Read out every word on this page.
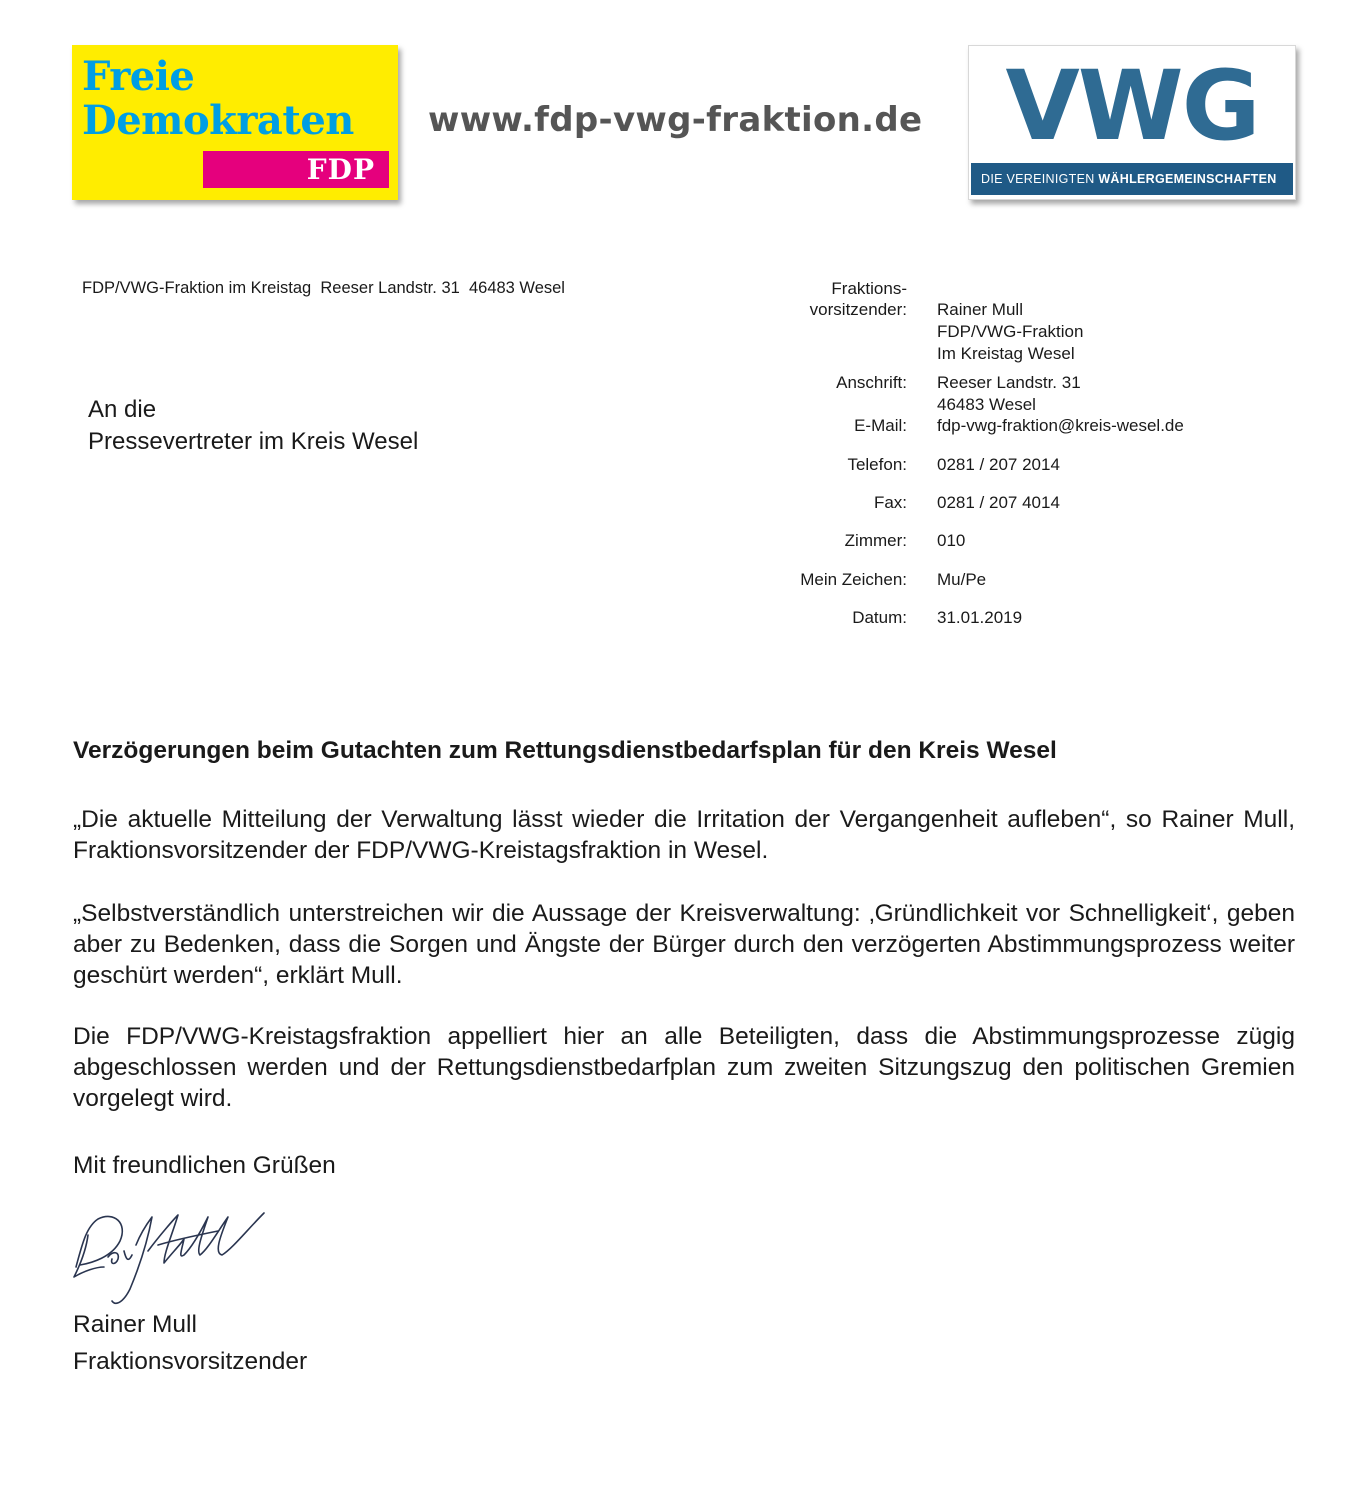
Freie
Demokraten
FDP
www.fdp-vwg-fraktion.de VWG
DIE VEREINIGTEN WÄHLERGEMEINSCHAFTEN
FDP/VWG-Fraktion im Kreistag  Reeser Landstr. 31  46483 Wesel
An die
Pressevertreter im Kreis Wesel
Fraktions-
vorsitzender: Rainer Mull
FDP/VWG-Fraktion
Im Kreistag Wesel
Anschrift: Reeser Landstr. 31
46483 Wesel
E-Mail: fdp-vwg-fraktion@kreis-wesel.de
Telefon: 0281 / 207 2014
Fax: 0281 / 207 4014
Zimmer: 010
Mein Zeichen: Mu/Pe
Datum: 31.01.2019
Verzögerungen beim Gutachten zum Rettungsdienstbedarfsplan für den Kreis Wesel
„Die aktuelle Mitteilung der Verwaltung lässt wieder die Irritation der Vergangenheit aufleben“, so Rainer Mull, Fraktionsvorsitzender der FDP/VWG-Kreistagsfraktion in Wesel.
„Selbstverständlich unterstreichen wir die Aussage der Kreisverwaltung: ‚Gründlichkeit vor Schnelligkeit‘, geben aber zu Bedenken, dass die Sorgen und Ängste der Bürger durch den verzögerten Abstimmungsprozess weiter geschürt werden“, erklärt Mull.
Die FDP/VWG-Kreistagsfraktion appelliert hier an alle Beteiligten, dass die Abstimmungsprozesse zügig abgeschlossen werden und der Rettungsdienstbedarfplan zum zweiten Sitzungszug den politischen Gremien vorgelegt wird.
Mit freundlichen Grüßen
Rainer Mull
Fraktionsvorsitzender
